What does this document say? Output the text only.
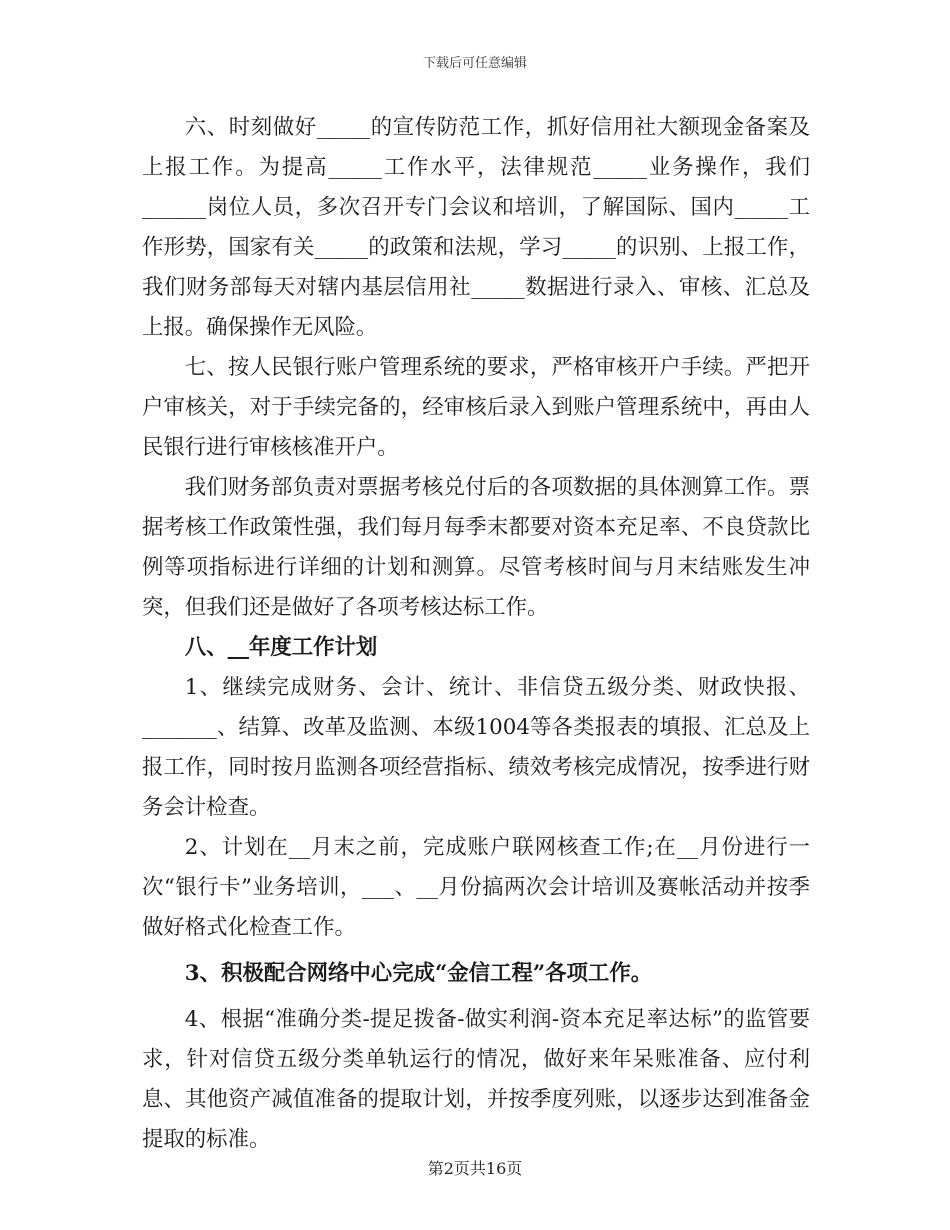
下载后可任意编辑

六、时刻做好_____的宣传防范工作，抓好信用社大额现金备案及上报工作。为提高_____工作水平，法律规范_____业务操作，我们______岗位人员，多次召开专门会议和培训，了解国际、国内_____工作形势，国家有关_____的政策和法规，学习_____的识别、上报工作，我们财务部每天对辖内基层信用社_____数据进行录入、审核、汇总及上报。确保操作无风险。

七、按人民银行账户管理系统的要求，严格审核开户手续。严把开户审核关，对于手续完备的，经审核后录入到账户管理系统中，再由人民银行进行审核核准开户。

我们财务部负责对票据考核兑付后的各项数据的具体测算工作。票据考核工作政策性强，我们每月每季末都要对资本充足率、不良贷款比例等项指标进行详细的计划和测算。尽管考核时间与月末结账发生冲突，但我们还是做好了各项考核达标工作。

八、__年度工作计划

1、继续完成财务、会计、统计、非信贷五级分类、财政快报、_______、结算、改革及监测、本级1004等各类报表的填报、汇总及上报工作，同时按月监测各项经营指标、绩效考核完成情况，按季进行财务会计检查。

2、计划在__月末之前，完成账户联网核查工作;在__月份进行一次“银行卡”业务培训，___、__月份搞两次会计培训及赛帐活动并按季做好格式化检查工作。

3、积极配合网络中心完成“金信工程”各项工作。

4、根据“准确分类-提足拨备-做实利润-资本充足率达标”的监管要求，针对信贷五级分类单轨运行的情况，做好来年呆账准备、应付利息、其他资产减值准备的提取计划，并按季度列账，以逐步达到准备金提取的标准。

第2页共16页
